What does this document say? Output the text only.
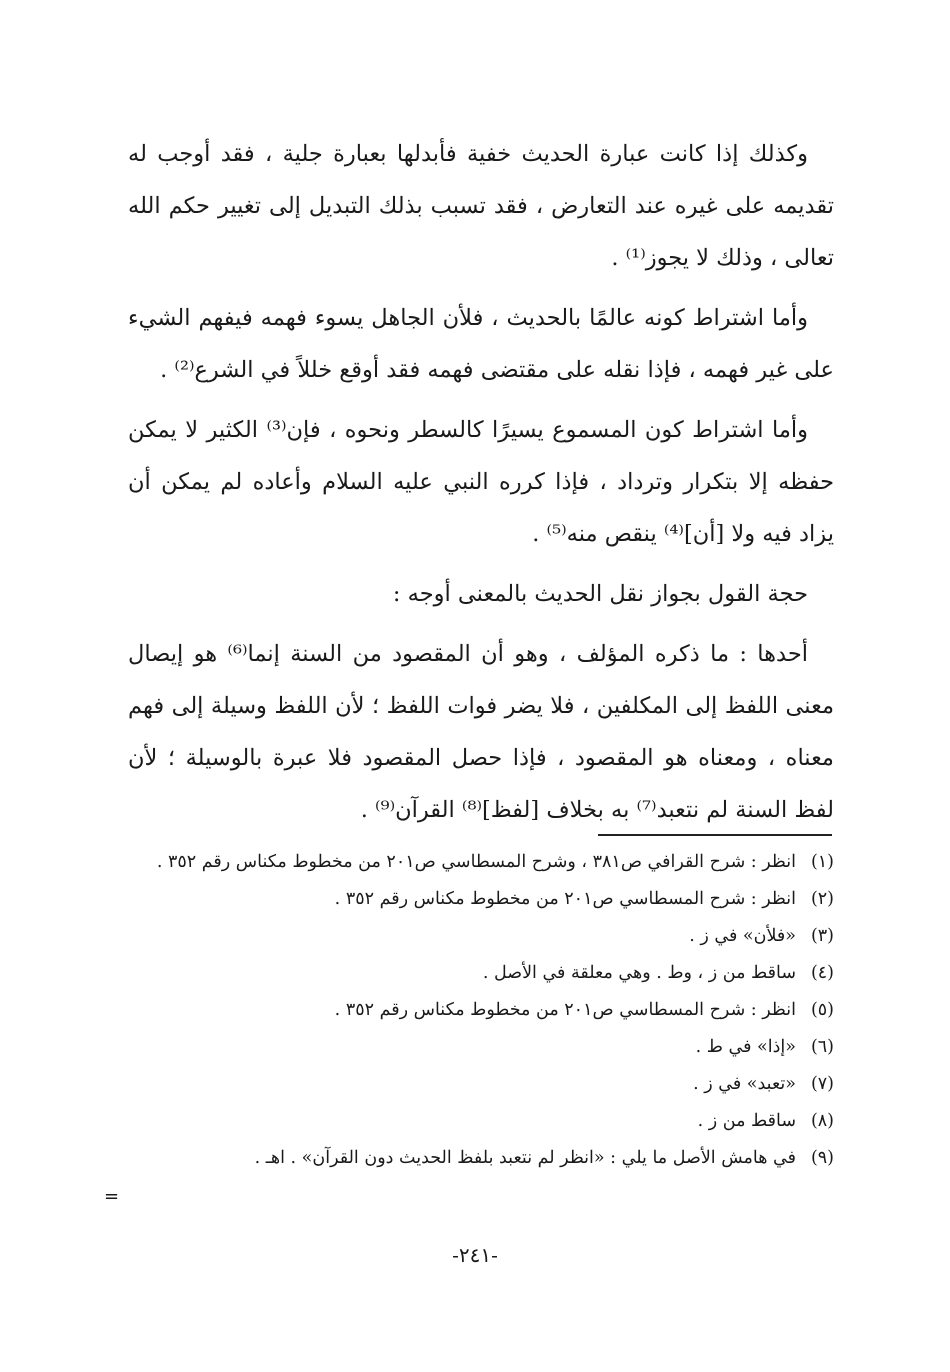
وكذلك إذا كانت عبارة الحديث خفية فأبدلها بعبارة جلية ، فقد أوجب له تقديمه على غيره عند التعارض ، فقد تسبب بذلك التبديل إلى تغيير حكم الله تعالى ، وذلك لا يجوز⁽¹⁾ .

وأما اشتراط كونه عالمًا بالحديث ، فلأن الجاهل يسوء فهمه فيفهم الشيء على غير فهمه ، فإذا نقله على مقتضى فهمه فقد أوقع خللاً في الشرع⁽²⁾ .

وأما اشتراط كون المسموع يسيرًا كالسطر ونحوه ، فإن⁽³⁾ الكثير لا يمكن حفظه إلا بتكرار وترداد ، فإذا كرره النبي عليه السلام وأعاده لم يمكن أن يزاد فيه ولا [أن]⁽⁴⁾ ينقص منه⁽⁵⁾ .

حجة القول بجواز نقل الحديث بالمعنى أوجه :

أحدها : ما ذكره المؤلف ، وهو أن المقصود من السنة إنما⁽⁶⁾ هو إيصال معنى اللفظ إلى المكلفين ، فلا يضر فوات اللفظ ؛ لأن اللفظ وسيلة إلى فهم معناه ، ومعناه هو المقصود ، فإذا حصل المقصود فلا عبرة بالوسيلة ؛ لأن لفظ السنة لم نتعبد⁽⁷⁾ به بخلاف [لفظ]⁽⁸⁾ القرآن⁽⁹⁾ .

(١)
انظر : شرح القرافي ص٣٨١ ، وشرح المسطاسي ص٢٠١ من مخطوط مكناس رقم ٣٥٢ .
(٢)
انظر : شرح المسطاسي ص٢٠١ من مخطوط مكناس رقم ٣٥٢ .
(٣)
«فلأن» في ز .
(٤)
ساقط من ز ، وط . وهي معلقة في الأصل .
(٥)
انظر : شرح المسطاسي ص٢٠١ من مخطوط مكناس رقم ٣٥٢ .
(٦)
«إذا» في ط .
(٧)
«تعبد» في ز .
(٨)
ساقط من ز .
(٩)
في هامش الأصل ما يلي : «انظر لم نتعبد بلفظ الحديث دون القرآن» . اهـ .
=
-٢٤١-
